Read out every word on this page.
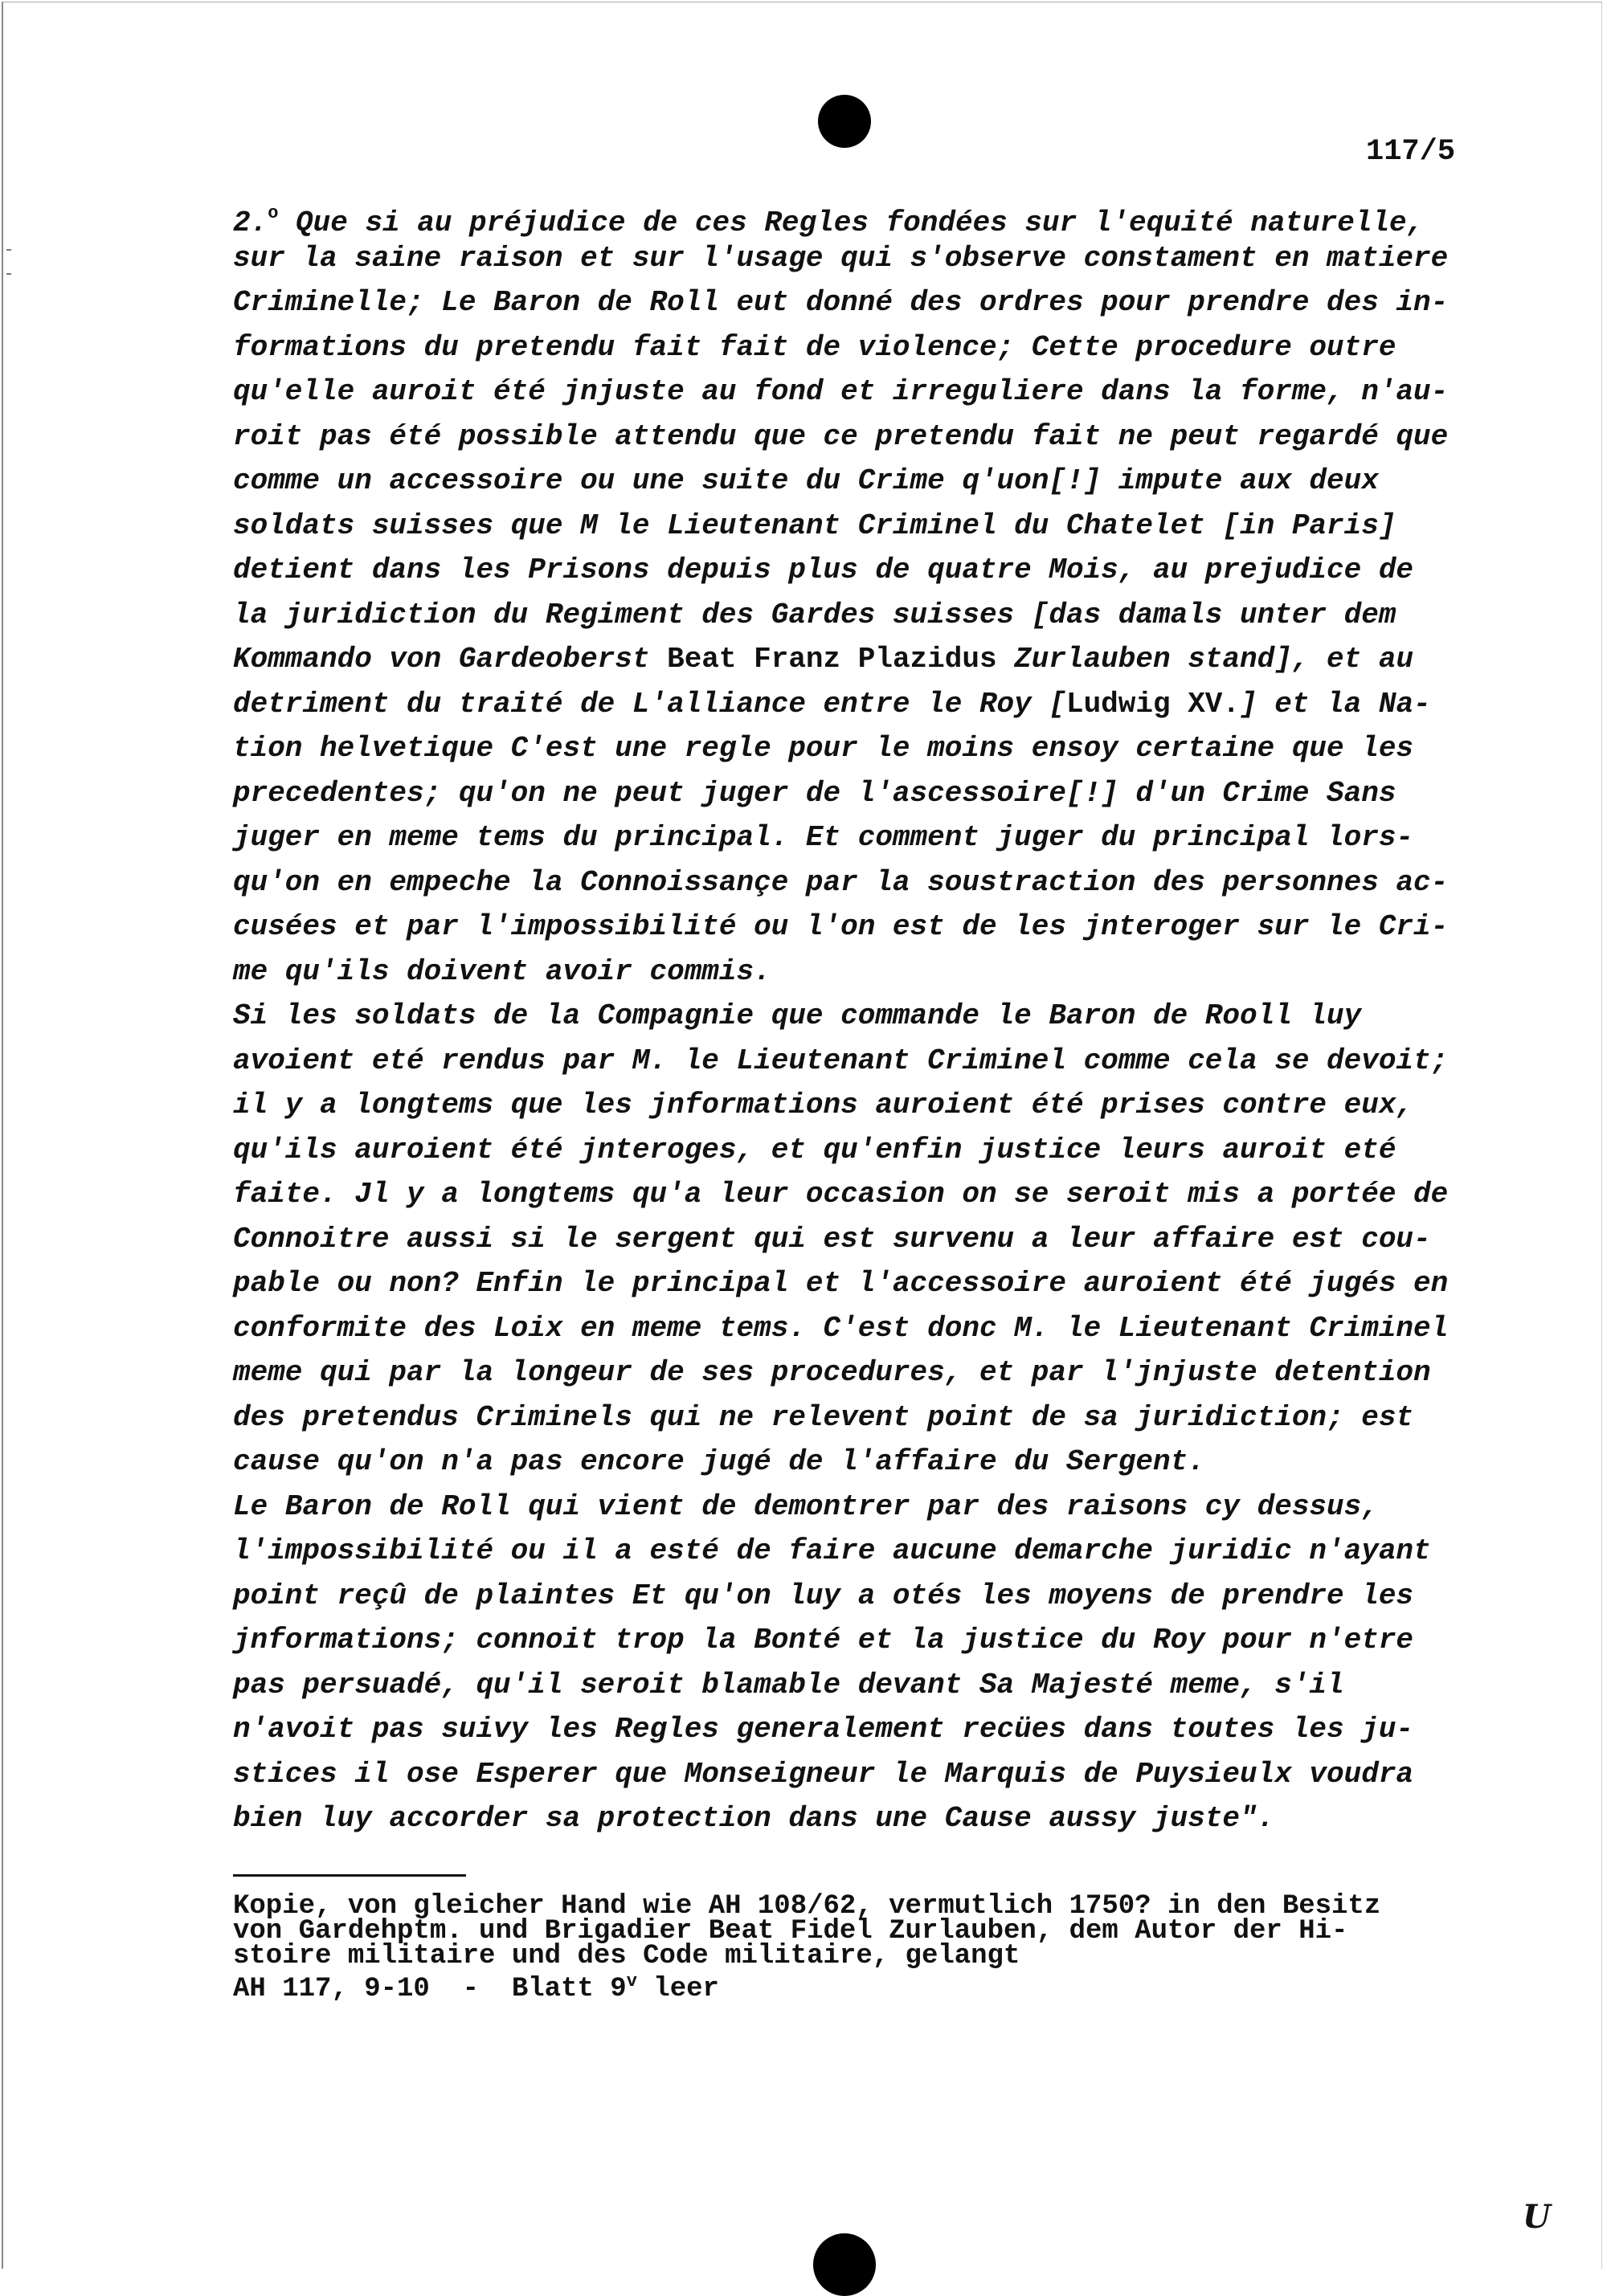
117/5
2.$^o$ Que si au préjudice de ces Regles fondées sur l'equité naturelle,
sur la saine raison et sur l'usage qui s'observe constament en matiere
Criminelle; Le Baron de Roll eut donné des ordres pour prendre des in-
formations du pretendu fait fait de violence; Cette procedure outre
qu'elle auroit été jnjuste au fond et irreguliere dans la forme, n'au-
roit pas été possible attendu que ce pretendu fait ne peut regardé que
comme un accessoire ou une suite du Crime q'uon[!] impute aux deux
soldats suisses que M le Lieutenant Criminel du Chatelet [in Paris]
detient dans les Prisons depuis plus de quatre Mois, au prejudice de
la juridiction du Regiment des Gardes suisses [das damals unter dem
Kommando von Gardeoberst Beat Franz Plazidus Zurlauben stand], et au
detriment du traité de L'alliance entre le Roy [Ludwig XV.] et la Na-
tion helvetique C'est une regle pour le moins ensoy certaine que les
precedentes; qu'on ne peut juger de l'ascessoire[!] d'un Crime Sans
juger en meme tems du principal. Et comment juger du principal lors-
qu'on en empeche la Connoissançe par la soustraction des personnes ac-
cusées et par l'impossibilité ou l'on est de les jnteroger sur le Cri-
me qu'ils doivent avoir commis.
Si les soldats de la Compagnie que commande le Baron de Rooll luy
avoient eté rendus par M. le Lieutenant Criminel comme cela se devoit;
il y a longtems que les jnformations auroient été prises contre eux,
qu'ils auroient été jnteroges, et qu'enfin justice leurs auroit eté
faite. Jl y a longtems qu'a leur occasion on se seroit mis a portée de
Connoitre aussi si le sergent qui est survenu a leur affaire est cou-
pable ou non? Enfin le principal et l'accessoire auroient été jugés en
conformite des Loix en meme tems. C'est donc M. le Lieutenant Criminel
meme qui par la longeur de ses procedures, et par l'jnjuste detention
des pretendus Criminels qui ne relevent point de sa juridiction; est
cause qu'on n'a pas encore jugé de l'affaire du Sergent.
Le Baron de Roll qui vient de demontrer par des raisons cy dessus,
l'impossibilité ou il a esté de faire aucune demarche juridic n'ayant
point reçû de plaintes Et qu'on luy a otés les moyens de prendre les
jnformations; connoit trop la Bonté et la justice du Roy pour n'etre
pas persuadé, qu'il seroit blamable devant Sa Majesté meme, s'il
n'avoit pas suivy les Regles generalement recües dans toutes les ju-
stices il ose Esperer que Monseigneur le Marquis de Puysieulx voudra
bien luy accorder sa protection dans une Cause aussy juste".
Kopie, von gleicher Hand wie AH 108/62, vermutlich 1750? in den Besitz
von Gardehptm. und Brigadier Beat Fidel Zurlauben, dem Autor der Hi-
stoire militaire und des Code militaire, gelangt
AH 117, 9-10  -  Blatt 9$^v$ leer
U
